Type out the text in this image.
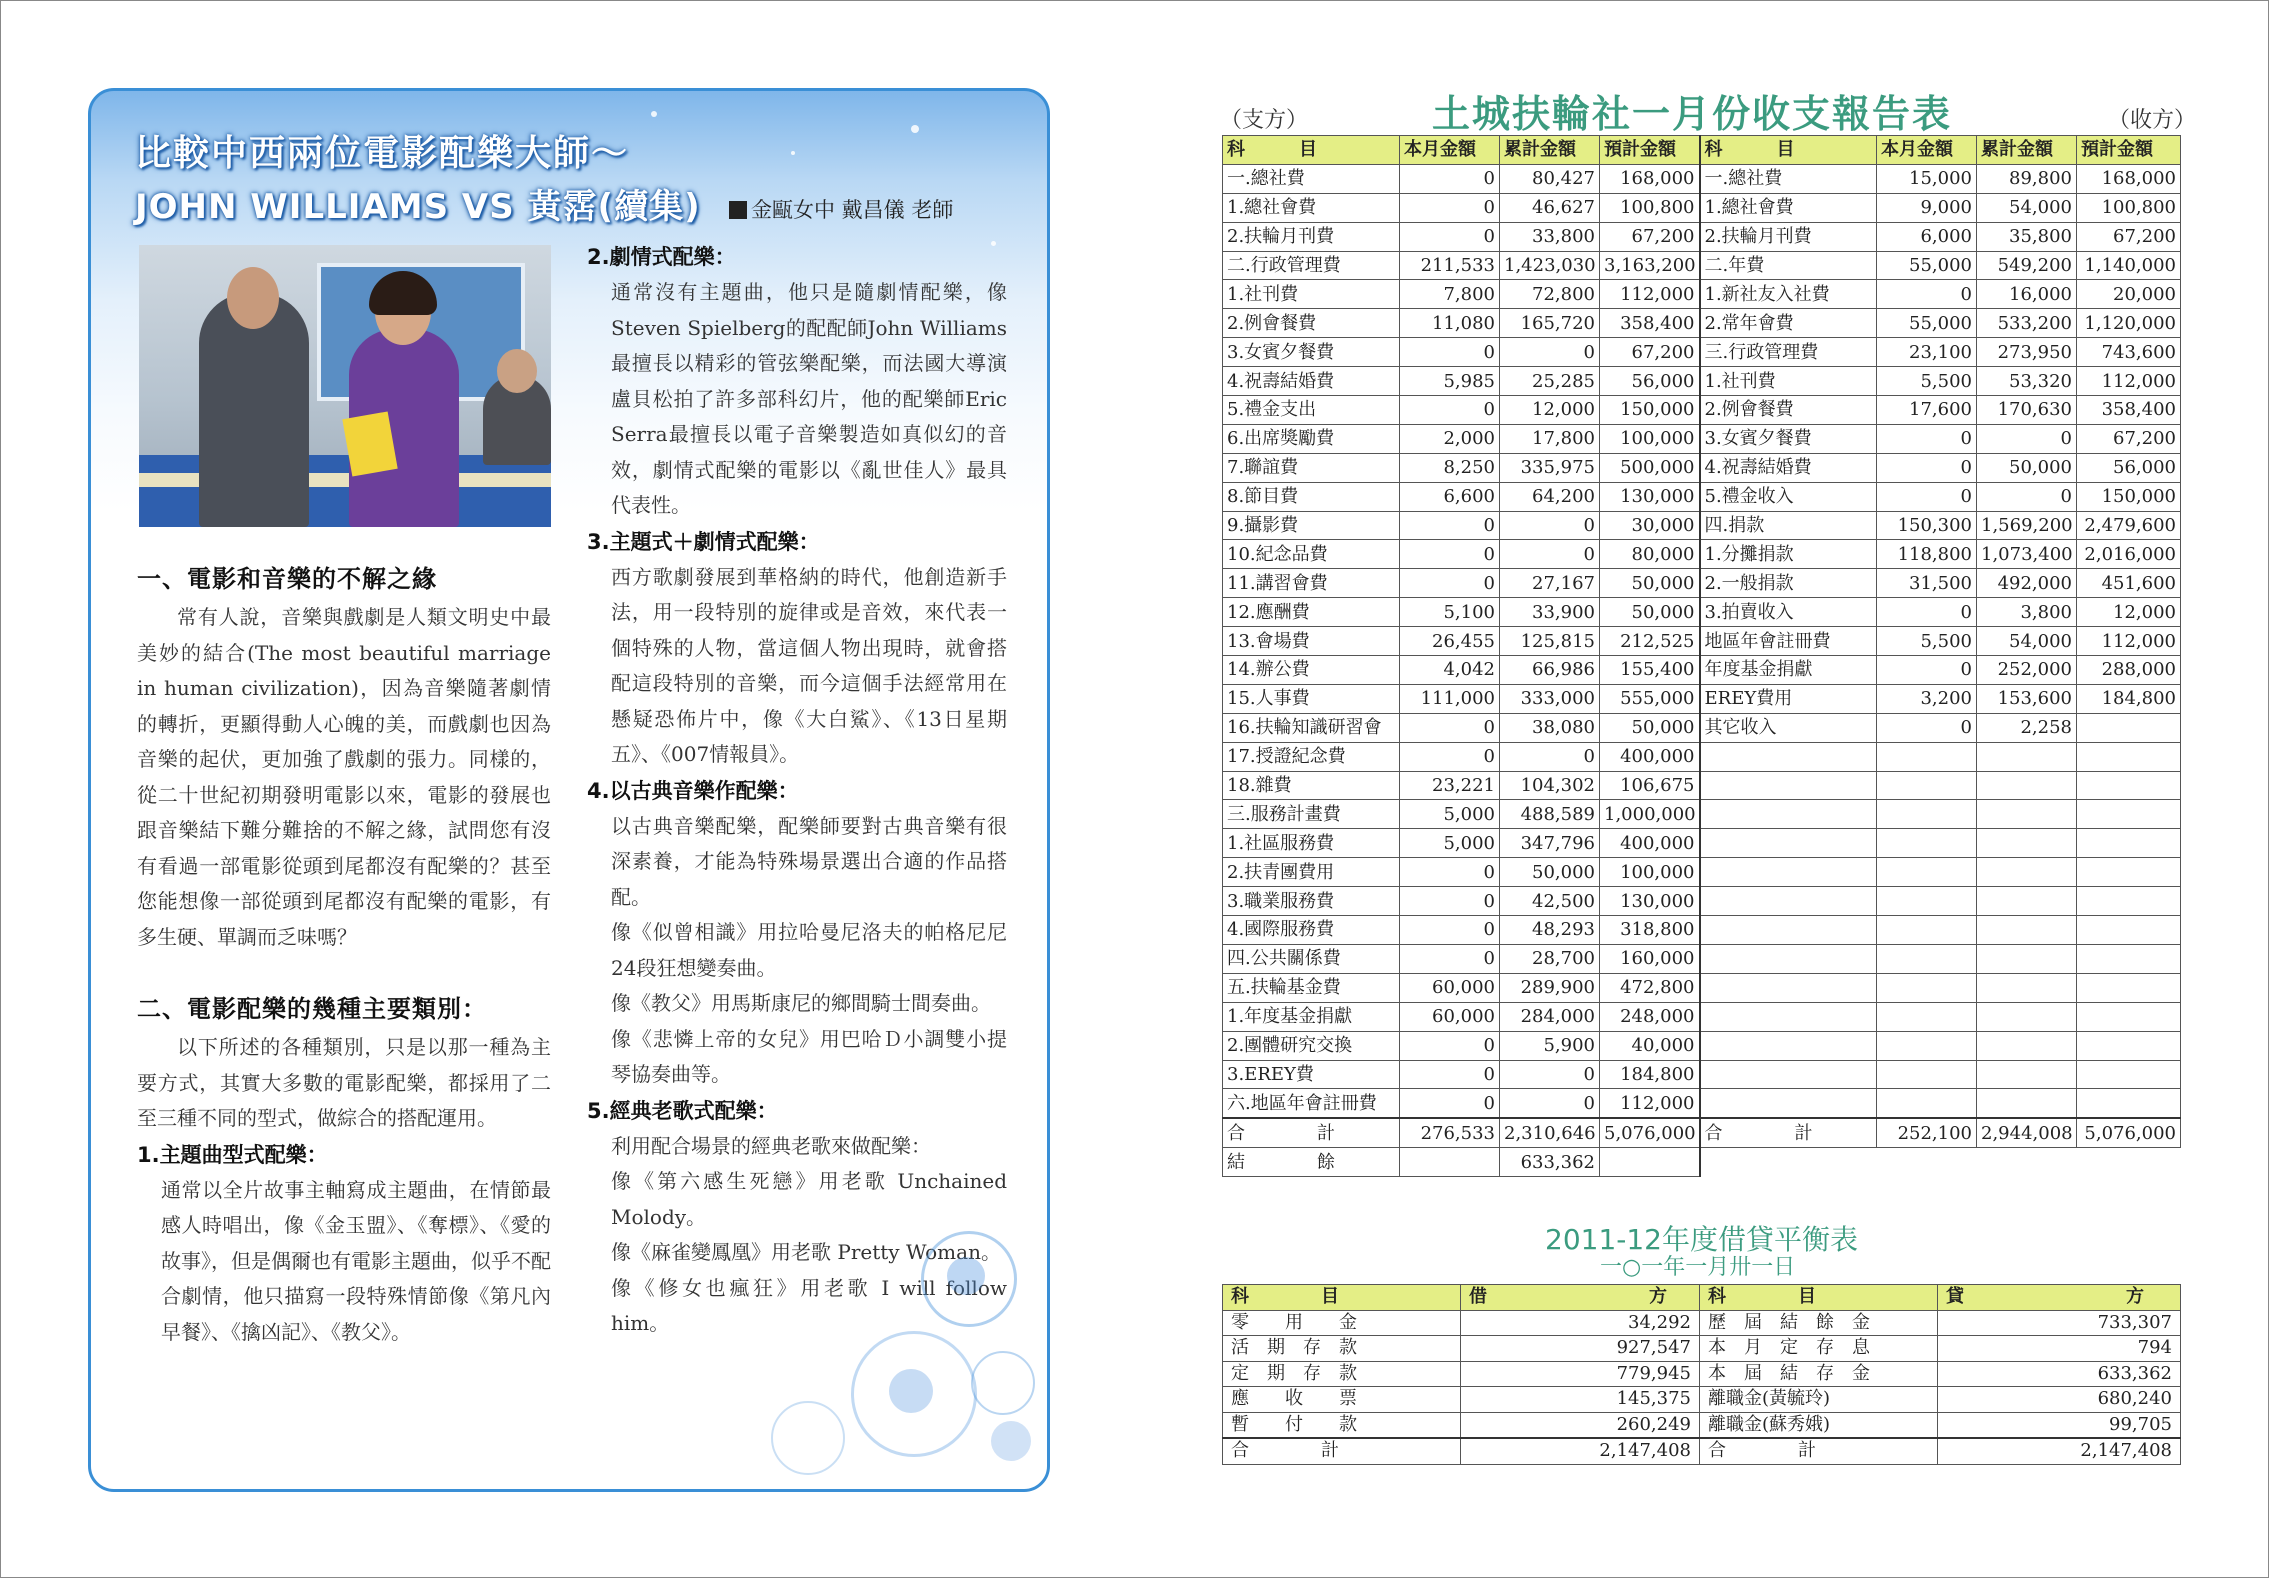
比較中西兩位電影配樂大師～
JOHN WILLIAMS VS 黃霑(續集)	金甌女中 戴昌儀 老師

一、電影和音樂的不解之緣

常有人說，音樂與戲劇是人類文明史中最美妙的結合(The most beautiful marriage in human civilization)，因為音樂隨著劇情的轉折，更顯得動人心魄的美，而戲劇也因為音樂的起伏，更加強了戲劇的張力。同樣的，從二十世紀初期發明電影以來，電影的發展也跟音樂結下難分難捨的不解之緣，試問您有沒有看過一部電影從頭到尾都沒有配樂的？甚至您能想像一部從頭到尾都沒有配樂的電影，有多生硬、單調而乏味嗎？

二、電影配樂的幾種主要類別：

以下所述的各種類別，只是以那一種為主要方式，其實大多數的電影配樂，都採用了二至三種不同的型式，做綜合的搭配運用。

1.主題曲型式配樂：

通常以全片故事主軸寫成主題曲，在情節最感人時唱出，像《金玉盟》、《奪標》、《愛的故事》，但是偶爾也有電影主題曲，似乎不配合劇情，他只描寫一段特殊情節像《第凡內早餐》、《擒凶記》、《教父》。

2.劇情式配樂：

通常沒有主題曲，他只是隨劇情配樂，像Steven Spielberg的配配師John Williams最擅長以精彩的管弦樂配樂，而法國大導演盧貝松拍了許多部科幻片，他的配樂師Eric Serra最擅長以電子音樂製造如真似幻的音效，劇情式配樂的電影以《亂世佳人》最具代表性。

3.主題式＋劇情式配樂：

西方歌劇發展到華格納的時代，他創造新手法，用一段特別的旋律或是音效，來代表一個特殊的人物，當這個人物出現時，就會搭配這段特別的音樂，而今這個手法經常用在懸疑恐佈片中，像《大白鯊》、《13日星期五》、《007情報員》。

4.以古典音樂作配樂：

以古典音樂配樂，配樂師要對古典音樂有很深素養，才能為特殊場景選出合適的作品搭配。

像《似曾相識》用拉哈曼尼洛夫的帕格尼尼24段狂想變奏曲。

像《教父》用馬斯康尼的鄉間騎士間奏曲。

像《悲憐上帝的女兒》用巴哈Ｄ小調雙小提琴協奏曲等。

5.經典老歌式配樂：

利用配合場景的經典老歌來做配樂：

像《第六感生死戀》用老歌 Unchained Molody。

像《麻雀變鳳凰》用老歌 Pretty Woman。

像《修女也瘋狂》用老歌 I will follow him。

土城扶輪社一月份收支報告表
（支方）	（收方）
科　　　目	本月金額	累計金額	預計金額	科　　　目	本月金額	累計金額	預計金額
一.總社費	0	80,427	168,000	一.總社費	15,000	89,800	168,000
1.總社會費	0	46,627	100,800	1.總社會費	9,000	54,000	100,800
2.扶輪月刊費	0	33,800	67,200	2.扶輪月刊費	6,000	35,800	67,200
二.行政管理費	211,533	1,423,030	3,163,200	二.年費	55,000	549,200	1,140,000
1.社刊費	7,800	72,800	112,000	1.新社友入社費	0	16,000	20,000
2.例會餐費	11,080	165,720	358,400	2.常年會費	55,000	533,200	1,120,000
3.女賓夕餐費	0	0	67,200	三.行政管理費	23,100	273,950	743,600
4.祝壽結婚費	5,985	25,285	56,000	1.社刊費	5,500	53,320	112,000
5.禮金支出	0	12,000	150,000	2.例會餐費	17,600	170,630	358,400
6.出席獎勵費	2,000	17,800	100,000	3.女賓夕餐費	0	0	67,200
7.聯誼費	8,250	335,975	500,000	4.祝壽結婚費	0	50,000	56,000
8.節目費	6,600	64,200	130,000	5.禮金收入	0	0	150,000
9.攝影費	0	0	30,000	四.捐款	150,300	1,569,200	2,479,600
10.紀念品費	0	0	80,000	1.分攤捐款	118,800	1,073,400	2,016,000
11.講習會費	0	27,167	50,000	2.一般捐款	31,500	492,000	451,600
12.應酬費	5,100	33,900	50,000	3.拍賣收入	0	3,800	12,000
13.會場費	26,455	125,815	212,525	地區年會註冊費	5,500	54,000	112,000
14.辦公費	4,042	66,986	155,400	年度基金捐獻	0	252,000	288,000
15.人事費	111,000	333,000	555,000	EREY費用	3,200	153,600	184,800
16.扶輪知識研習會	0	38,080	50,000	其它收入	0	2,258	
17.授證紀念費	0	0	400,000				
18.雜費	23,221	104,302	106,675				
三.服務計畫費	5,000	488,589	1,000,000				
1.社區服務費	5,000	347,796	400,000				
2.扶青團費用	0	50,000	100,000				
3.職業服務費	0	42,500	130,000				
4.國際服務費	0	48,293	318,800				
四.公共關係費	0	28,700	160,000				
五.扶輪基金費	60,000	289,900	472,800				
1.年度基金捐獻	60,000	284,000	248,000				
2.團體研究交換	0	5,900	40,000				
3.EREY費	0	0	184,800				
六.地區年會註冊費	0	0	112,000				
合　　　　計	276,533	2,310,646	5,076,000	合　　　　計	252,100	2,944,008	5,076,000
結　　　　餘		633,362					
2011-12年度借貸平衡表
一○一年一月卅一日
科　　　　目	借　　　　　　　　　方	科　　　　目	貸　　　　　　　　　方
零　　用　　金	34,292	歷　屆　結　餘　金	733,307
活　期　存　款	927,547	本　月　定　存　息	794
定　期　存　款	779,945	本　屆　結　存　金	633,362
應　　收　　票	145,375	離職金(黃毓玲)	680,240
暫　　付　　款	260,249	離職金(蘇秀娥)	99,705
合　　　　計	2,147,408	合　　　　計	2,147,408
